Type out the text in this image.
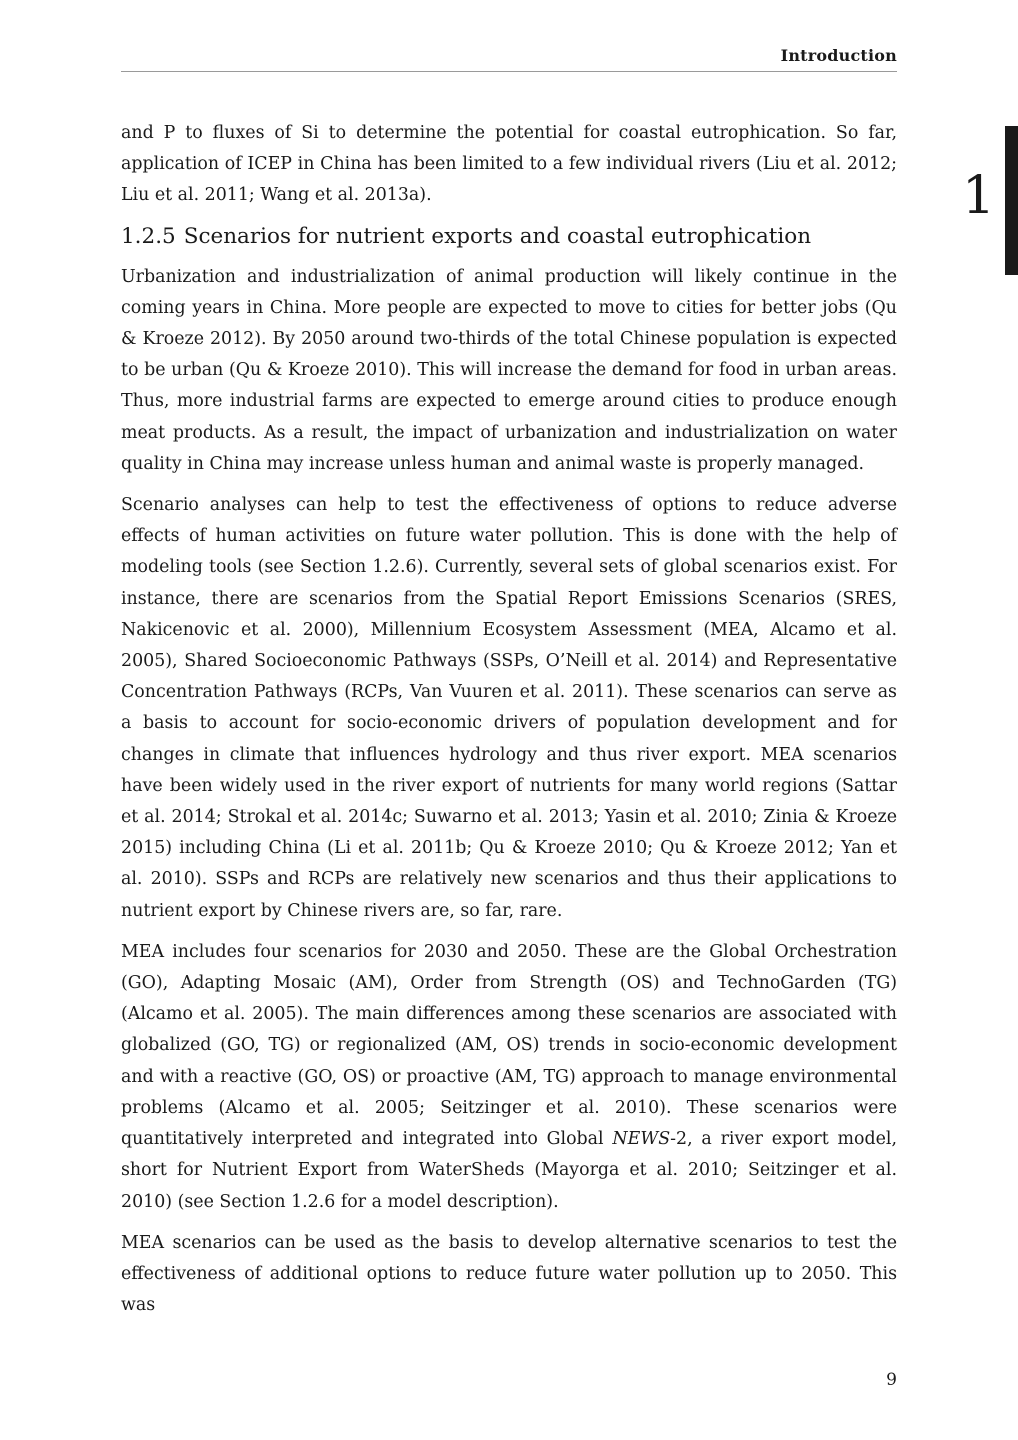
Introduction
1

and P to fluxes of Si to determine the potential for coastal eutrophication. So far, application of ICEP in China has been limited to a few individual rivers (Liu et al. 2012; Liu et al. 2011; Wang et al. 2013a).

1.2.5 Scenarios for nutrient exports and coastal eutrophication

Urbanization and industrialization of animal production will likely continue in the coming years in China. More people are expected to move to cities for better jobs (Qu & Kroeze 2012). By 2050 around two-thirds of the total Chinese population is expected to be urban (Qu & Kroeze 2010). This will increase the demand for food in urban areas. Thus, more industrial farms are expected to emerge around cities to produce enough meat products. As a result, the impact of urbanization and industrialization on water quality in China may increase unless human and animal waste is properly managed.

Scenario analyses can help to test the effectiveness of options to reduce adverse effects of human activities on future water pollution. This is done with the help of modeling tools (see Section 1.2.6). Currently, several sets of global scenarios exist. For instance, there are scenarios from the Spatial Report Emissions Scenarios (SRES, Nakicenovic et al. 2000), Millennium Ecosystem Assessment (MEA, Alcamo et al. 2005), Shared Socioeconomic Pathways (SSPs, O’Neill et al. 2014) and Representative Concentration Pathways (RCPs, Van Vuuren et al. 2011). These scenarios can serve as a basis to account for socio-economic drivers of population development and for changes in climate that influences hydrology and thus river export. MEA scenarios have been widely used in the river export of nutrients for many world regions (Sattar et al. 2014; Strokal et al. 2014c; Suwarno et al. 2013; Yasin et al. 2010; Zinia & Kroeze 2015) including China (Li et al. 2011b; Qu & Kroeze 2010; Qu & Kroeze 2012; Yan et al. 2010). SSPs and RCPs are relatively new scenarios and thus their applications to nutrient export by Chinese rivers are, so far, rare.

MEA includes four scenarios for 2030 and 2050. These are the Global Orchestration (GO), Adapting Mosaic (AM), Order from Strength (OS) and TechnoGarden (TG) (Alcamo et al. 2005). The main differences among these scenarios are associated with globalized (GO, TG) or regionalized (AM, OS) trends in socio-economic development and with a reactive (GO, OS) or proactive (AM, TG) approach to manage environmental problems (Alcamo et al. 2005; Seitzinger et al. 2010). These scenarios were quantitatively interpreted and integrated into Global NEWS-2, a river export model, short for Nutrient Export from WaterSheds (Mayorga et al. 2010; Seitzinger et al. 2010) (see Section 1.2.6 for a model description).

MEA scenarios can be used as the basis to develop alternative scenarios to test the effectiveness of additional options to reduce future water pollution up to 2050. This was

9
